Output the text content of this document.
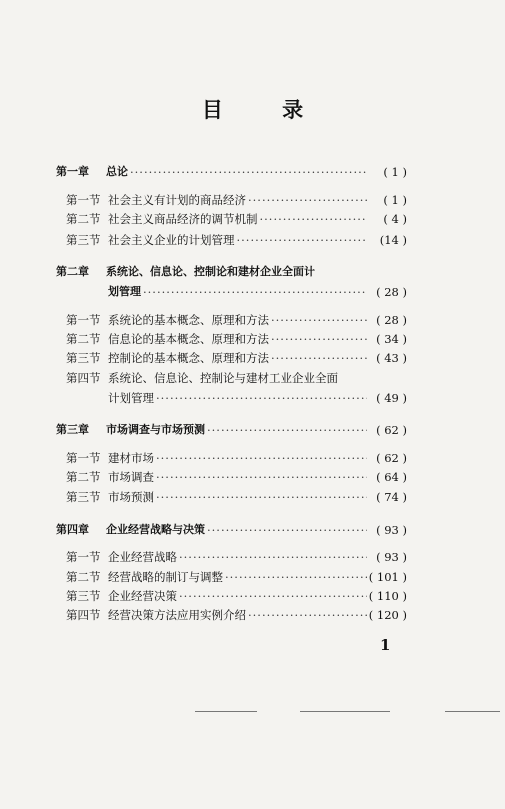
目 录
第一章	总论 ·····	( 1 )
第一节 社会主义有计划的商品经济 ·····	( 1 )
第二节 社会主义商品经济的调节机制 ·····	( 4 )
第三节 社会主义企业的计划管理 ·····	(14 )
第二章	系统论、信息论、控制论和建材企业全面计
划管理 ·····	( 28 )
第一节 系统论的基本概念、原理和方法 ·····	( 28 )
第二节 信息论的基本概念、原理和方法 ·····	( 34 )
第三节 控制论的基本概念、原理和方法 ·····	( 43 )
第四节 系统论、信息论、控制论与建材工业企业全面
计划管理 ·····	( 49 )
第三章	市场调查与市场预测 ·····	( 62 )
第一节 建材市场 ·····	( 62 )
第二节 市场调查 ·····	( 64 )
第三节 市场预测 ·····	( 74 )
第四章	企业经营战略与决策 ·····	( 93 )
第一节 企业经营战略 ·····	( 93 )
第二节 经营战略的制订与调整 ·····	( 101 )
第三节 企业经营决策 ·····	( 110 )
第四节 经营决策方法应用实例介绍 ·····	( 120 )
1
